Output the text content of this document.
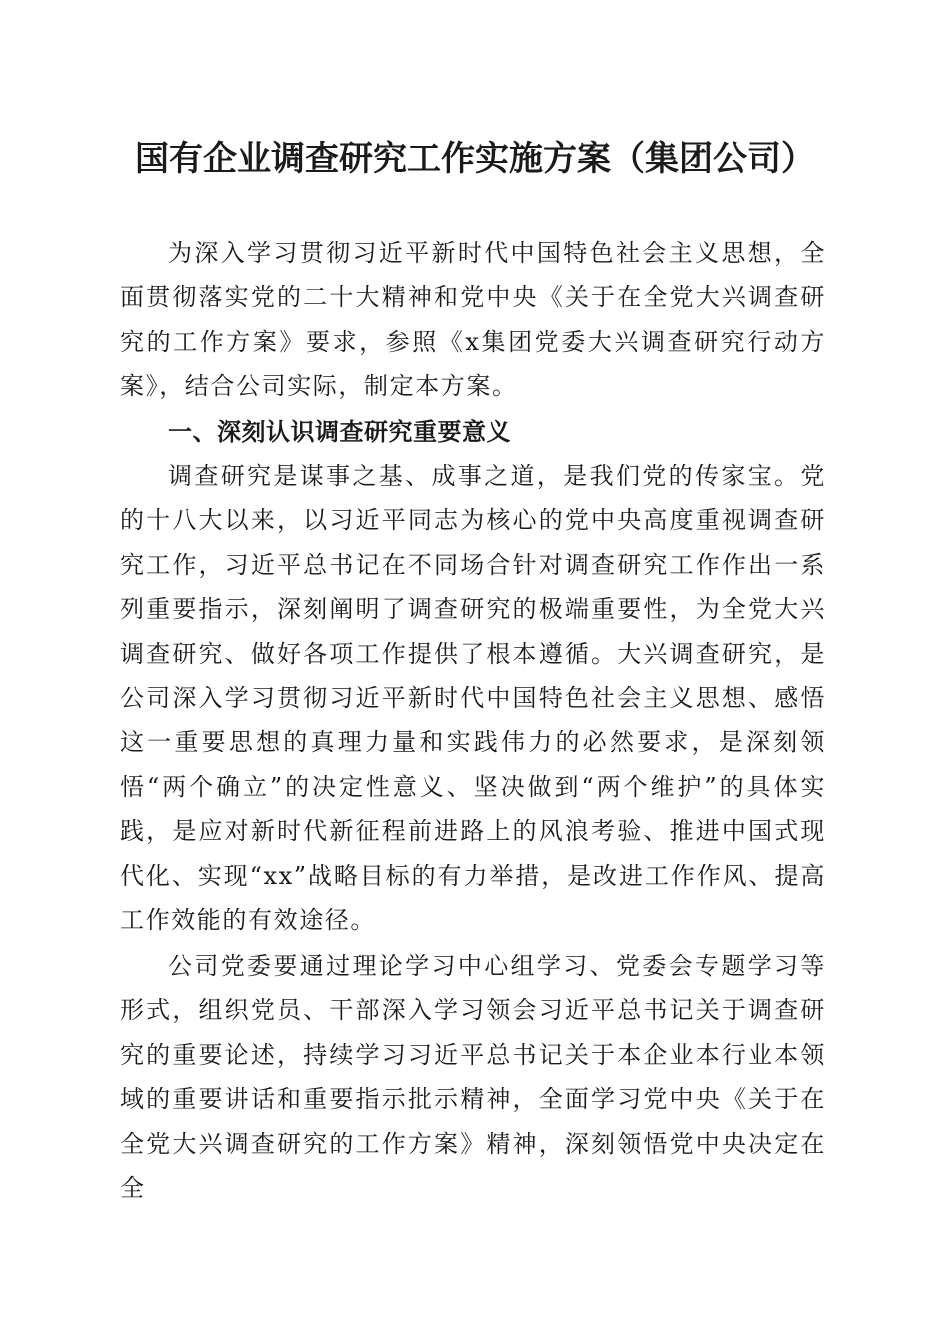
国有企业调查研究工作实施方案（集团公司）

为深入学习贯彻习近平新时代中国特色社会主义思想，全面贯彻落实党的二十大精神和党中央《关于在全党大兴调查研究的工作方案》要求，参照《x集团党委大兴调查研究行动方案》，结合公司实际，制定本方案。

一、深刻认识调查研究重要意义

调查研究是谋事之基、成事之道，是我们党的传家宝。党的十八大以来，以习近平同志为核心的党中央高度重视调查研究工作，习近平总书记在不同场合针对调查研究工作作出一系列重要指示，深刻阐明了调查研究的极端重要性，为全党大兴调查研究、做好各项工作提供了根本遵循。大兴调查研究，是公司深入学习贯彻习近平新时代中国特色社会主义思想、感悟这一重要思想的真理力量和实践伟力的必然要求，是深刻领悟“两个确立”的决定性意义、坚决做到“两个维护”的具体实践，是应对新时代新征程前进路上的风浪考验、推进中国式现代化、实现“xx”战略目标的有力举措，是改进工作作风、提高工作效能的有效途径。

公司党委要通过理论学习中心组学习、党委会专题学习等形式，组织党员、干部深入学习领会习近平总书记关于调查研究的重要论述，持续学习习近平总书记关于本企业本行业本领域的重要讲话和重要指示批示精神，全面学习党中央《关于在全党大兴调查研究的工作方案》精神，深刻领悟党中央决定在全
